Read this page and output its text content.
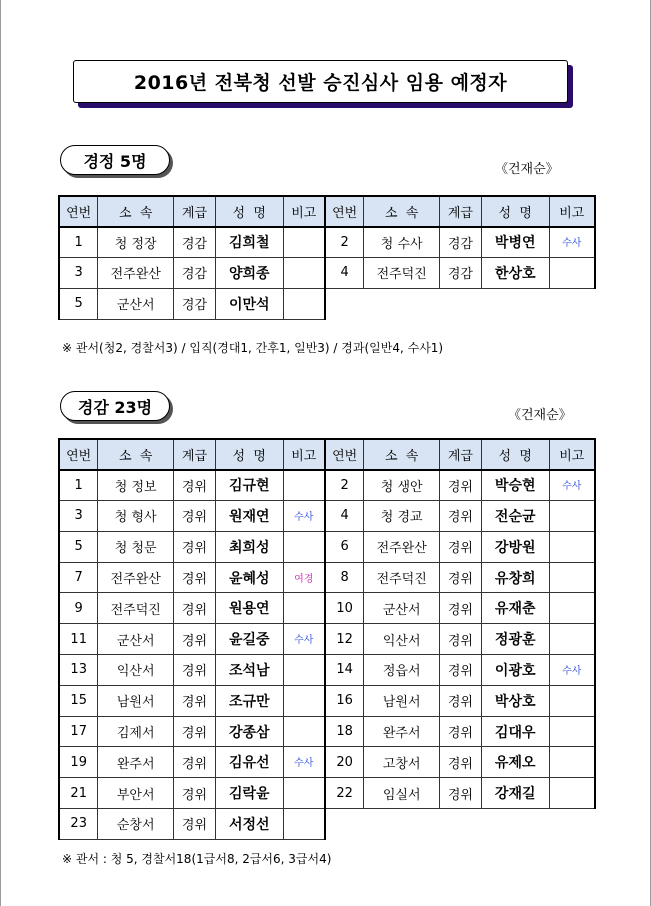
2016년 전북청 선발 승진심사 임용 예정자
경정 5명	《건재순》
연번	소  속	계급	성  명	비고	연번	소  속	계급	성  명	비고
1	청 정장	경감	김희철		2	청 수사	경감	박병연	수사
3	전주완산	경감	양희종		4	전주덕진	경감	한상호	
5	군산서	경감	이만석						
※ 관서(청2, 경찰서3) / 입직(경대1, 간후1, 일반3) / 경과(일반4, 수사1)
경감 23명	《건재순》
연번	소  속	계급	성  명	비고	연번	소  속	계급	성  명	비고
1	청 정보	경위	김규현		2	청 생안	경위	박승현	수사
3	청 형사	경위	원재연	수사	4	청 경교	경위	전순균	
5	청 청문	경위	최희성		6	전주완산	경위	강방원	
7	전주완산	경위	윤혜성	여경	8	전주덕진	경위	유창희	
9	전주덕진	경위	원용연		10	군산서	경위	유재춘	
11	군산서	경위	윤길중	수사	12	익산서	경위	정광훈	
13	익산서	경위	조석남		14	정읍서	경위	이광호	수사
15	남원서	경위	조규만		16	남원서	경위	박상호	
17	김제서	경위	강종삼		18	완주서	경위	김대우	
19	완주서	경위	김유선	수사	20	고창서	경위	유제오	
21	부안서	경위	김락윤		22	임실서	경위	강재길	
23	순창서	경위	서정선						
※ 관서 : 청 5, 경찰서18(1급서8, 2급서6, 3급서4)
